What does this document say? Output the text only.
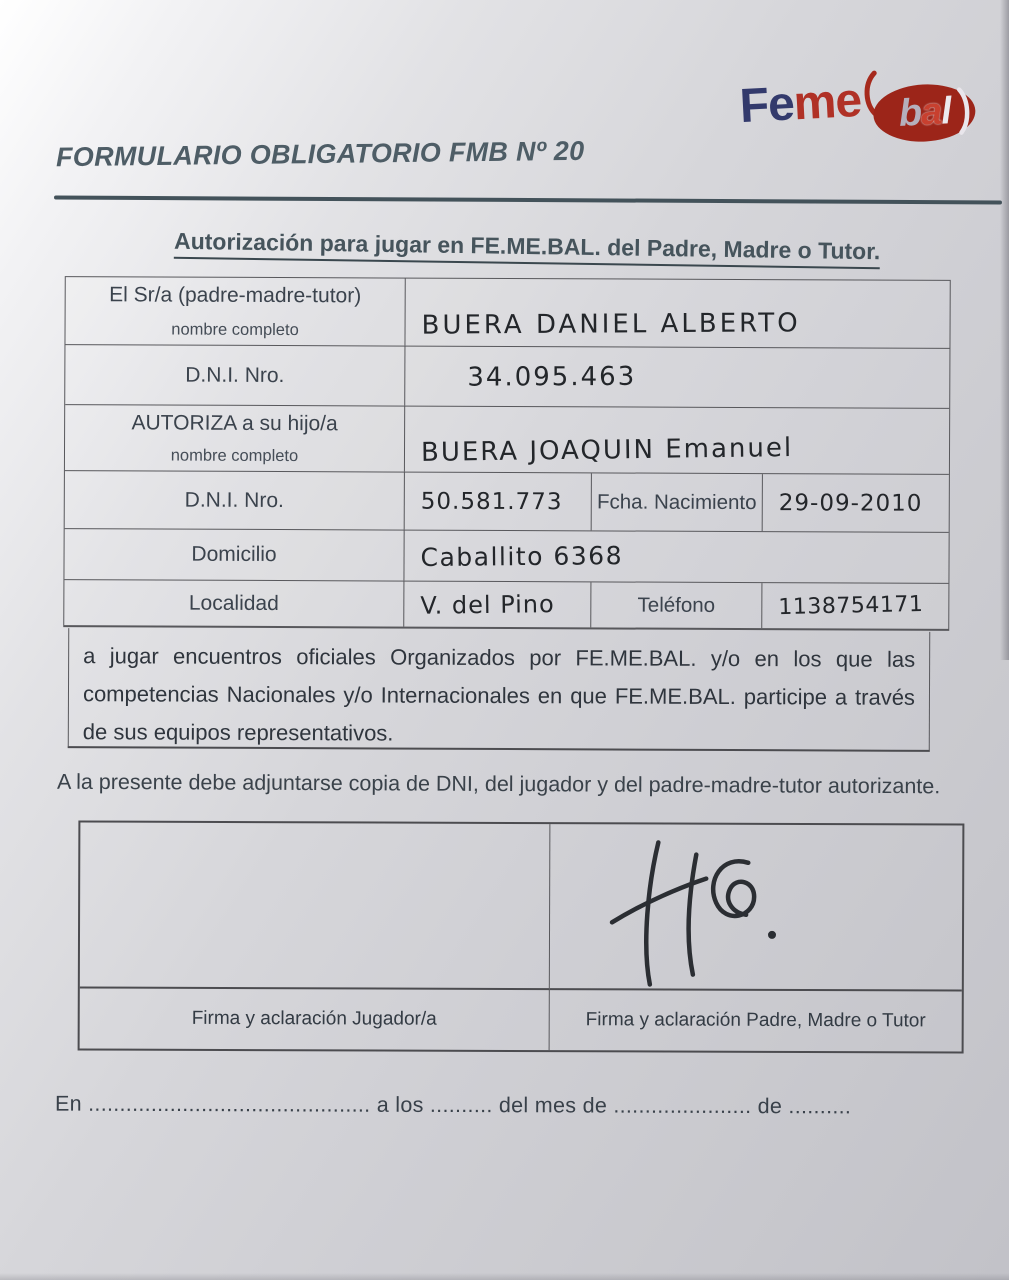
Feme bal
FORMULARIO OBLIGATORIO FMB Nº 20
Autorización para jugar en FE.ME.BAL. del Padre, Madre o Tutor.
El Sr/a (padre-madre-tutor)
nombre completo	BUERA DANIEL ALBERTO
D.N.I. Nro.	34.095.463
AUTORIZA a su hijo/a
nombre completo	BUERA JOAQUIN Emanuel
D.N.I. Nro.	50.581.773 Fcha. Nacimiento 29-09-2010
Domicilio	Caballito 6368
Localidad	V. del Pino	Teléfono	1138754171
a jugar encuentros oficiales Organizados por FE.ME.BAL. y/o en los que las competencias Nacionales y/o Internacionales en que FE.ME.BAL. participe a través de sus equipos representativos.
A la presente debe adjuntarse copia de DNI, del jugador y del padre-madre-tutor autorizante.
Firma y aclaración Jugador/a	Firma y aclaración Padre, Madre o Tutor
En ............................................. a los .......... del mes de ...................... de ..........
